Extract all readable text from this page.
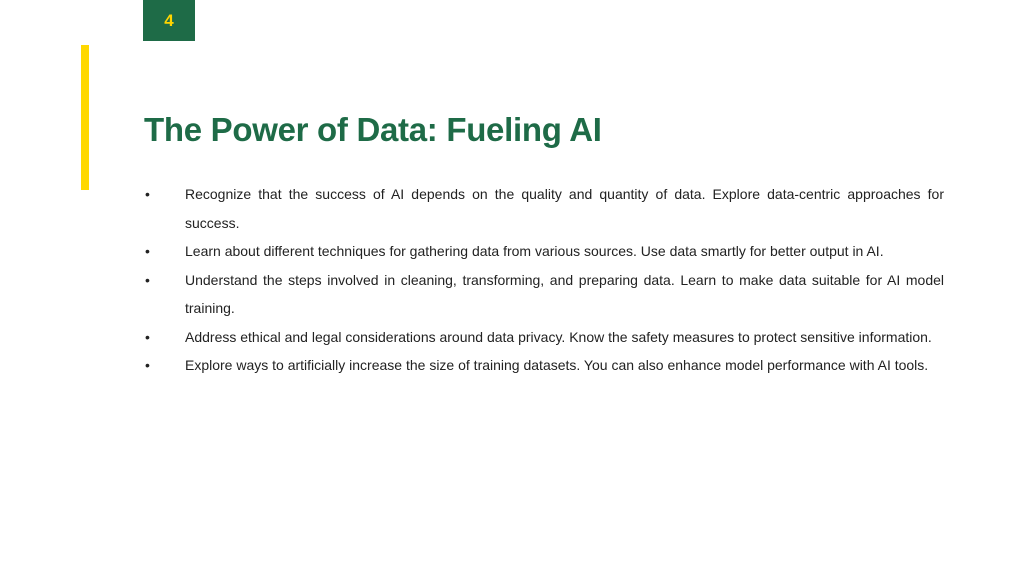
4
The Power of Data: Fueling AI
•	Recognize that the success of AI depends on the quality and quantity of data. Explore data-centric approaches for success.
•	Learn about different techniques for gathering data from various sources. Use data smartly for better output in AI.
•	Understand the steps involved in cleaning, transforming, and preparing data. Learn to make data suitable for AI model training.
•	Address ethical and legal considerations around data privacy. Know the safety measures to protect sensitive information.
•	Explore ways to artificially increase the size of training datasets. You can also enhance model performance with AI tools.
